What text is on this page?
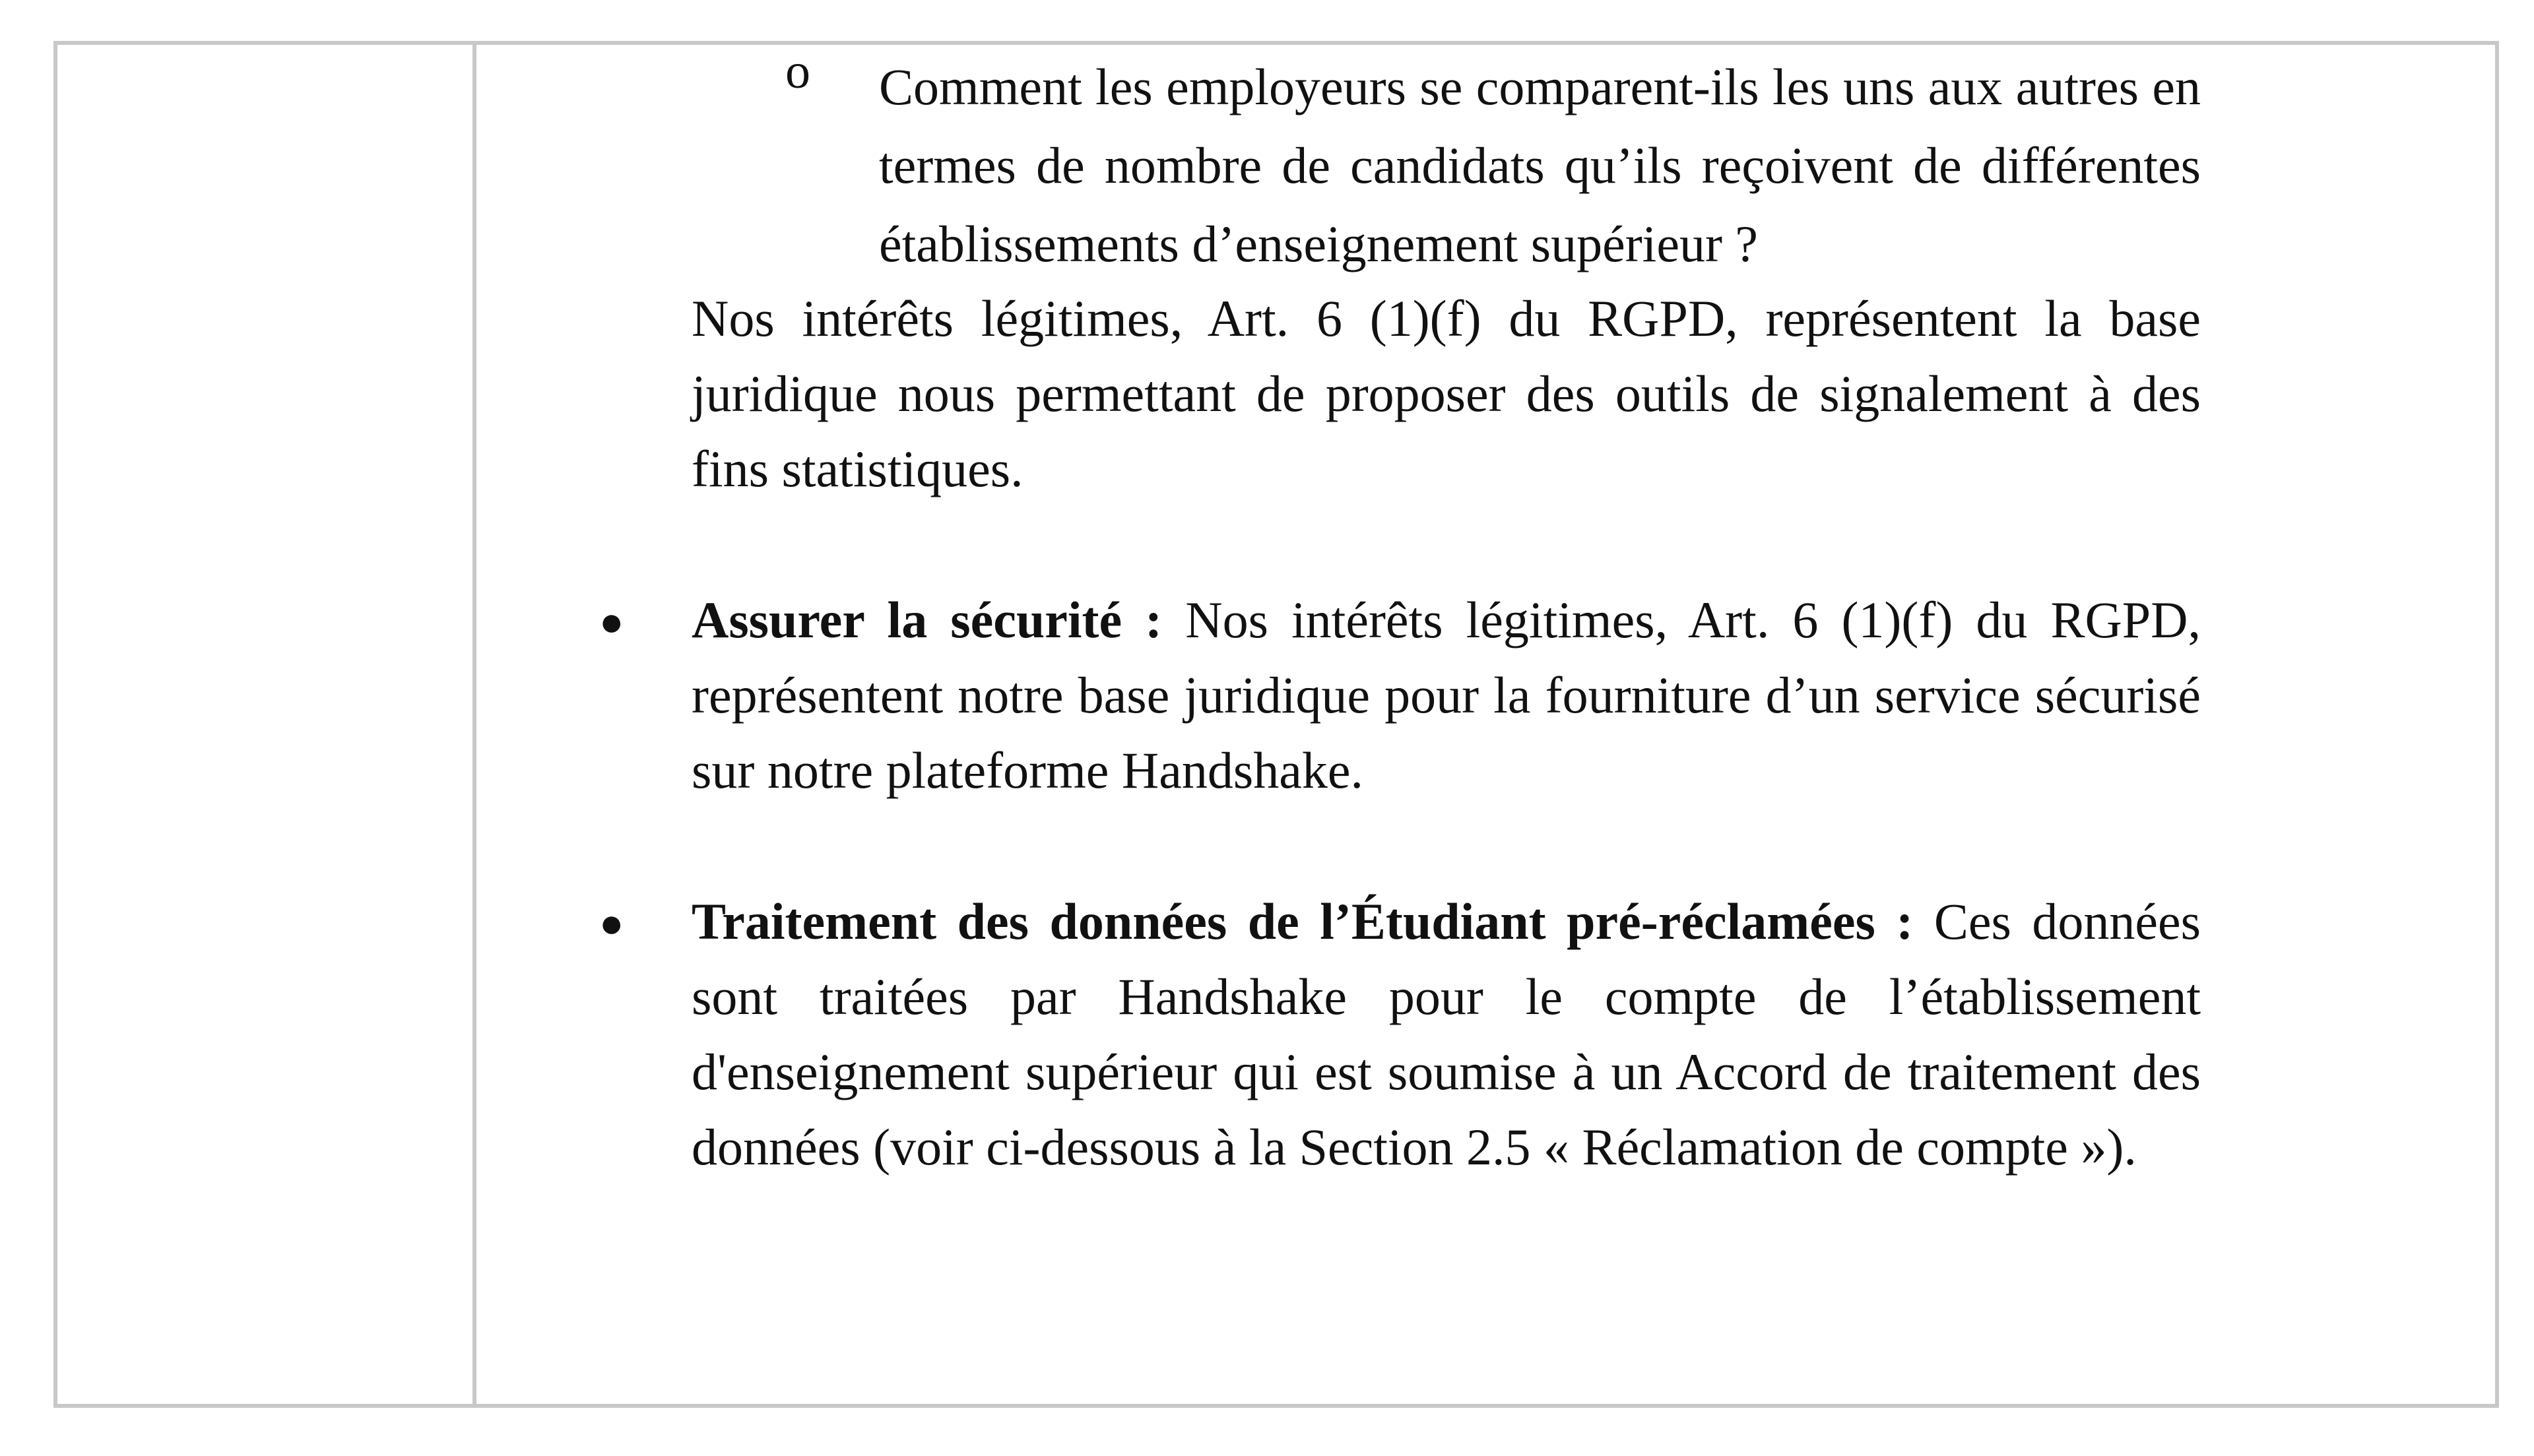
o Comment les employeurs se comparent-ils les uns aux autres en termes de nombre de candidats qu’ils reçoivent de différentes établissements d’enseignement supérieur ?
Nos intérêts légitimes, Art. 6 (1)(f) du RGPD, représentent la base juridique nous permettant de proposer des outils de signalement à des fins statistiques.
● Assurer la sécurité : Nos intérêts légitimes, Art. 6 (1)(f) du RGPD, représentent notre base juridique pour la fourniture d’un service sécurisé sur notre plateforme Handshake.
● Traitement des données de l’Étudiant pré-réclamées : Ces données sont traitées par Handshake pour le compte de l’établissement d'enseignement supérieur qui est soumise à un Accord de traitement des données (voir ci-dessous à la Section 2.5 « Réclamation de compte »).
